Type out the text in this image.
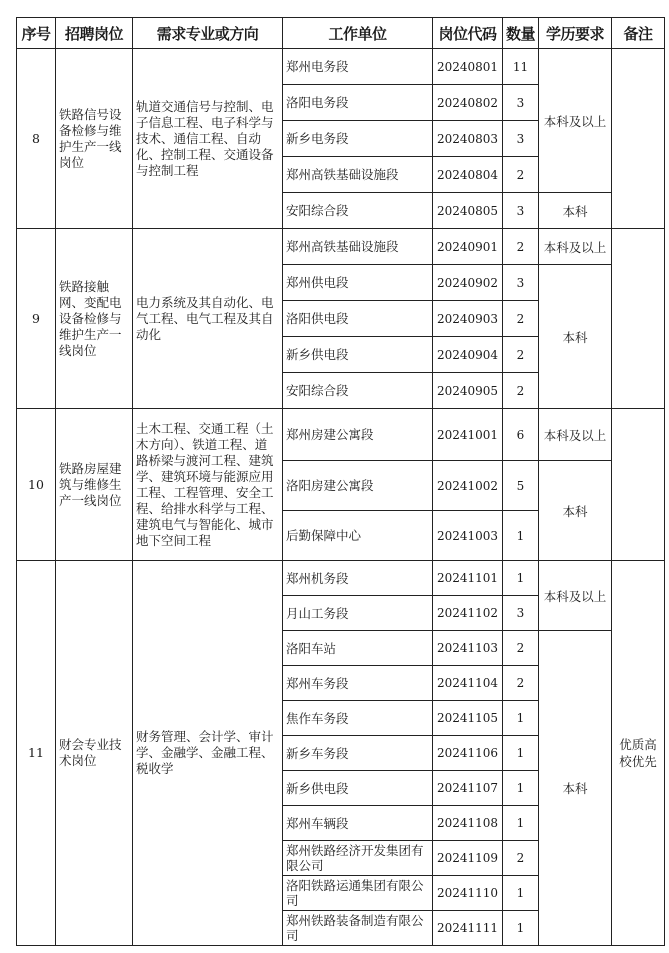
序号	招聘岗位	需求专业或方向	工作单位	岗位代码	数量	学历要求	备注
8	铁路信号设备检修与维护生产一线岗位	轨道交通信号与控制、电子信息工程、电子科学与技术、通信工程、自动化、控制工程、交通设备与控制工程	郑州电务段	20240801	11	本科及以上	
			洛阳电务段	20240802	3		
			新乡电务段	20240803	3		
			郑州高铁基础设施段	20240804	2		
			安阳综合段	20240805	3	本科	
9	铁路接触网、变配电设备检修与维护生产一线岗位	电力系统及其自动化、电气工程、电气工程及其自动化	郑州高铁基础设施段	20240901	2	本科及以上	
			郑州供电段	20240902	3	本科	
			洛阳供电段	20240903	2		
			新乡供电段	20240904	2		
			安阳综合段	20240905	2		
10	铁路房屋建筑与维修生产一线岗位	土木工程、交通工程（土木方向）、铁道工程、道路桥梁与渡河工程、建筑学、建筑环境与能源应用工程、工程管理、安全工程、给排水科学与工程、建筑电气与智能化、城市地下空间工程	郑州房建公寓段	20241001	6	本科及以上	
			洛阳房建公寓段	20241002	5	本科	
			后勤保障中心	20241003	1		
11	财会专业技术岗位	财务管理、会计学、审计学、金融学、金融工程、税收学	郑州机务段	20241101	1	本科及以上	优质高校优先
			月山工务段	20241102	3		
			洛阳车站	20241103	2	本科	
			郑州车务段	20241104	2		
			焦作车务段	20241105	1		
			新乡车务段	20241106	1		
			新乡供电段	20241107	1		
			郑州车辆段	20241108	1		
			郑州铁路经济开发集团有限公司	20241109	2		
			洛阳铁路运通集团有限公司	20241110	1		
			郑州铁路装备制造有限公司	20241111	1		
